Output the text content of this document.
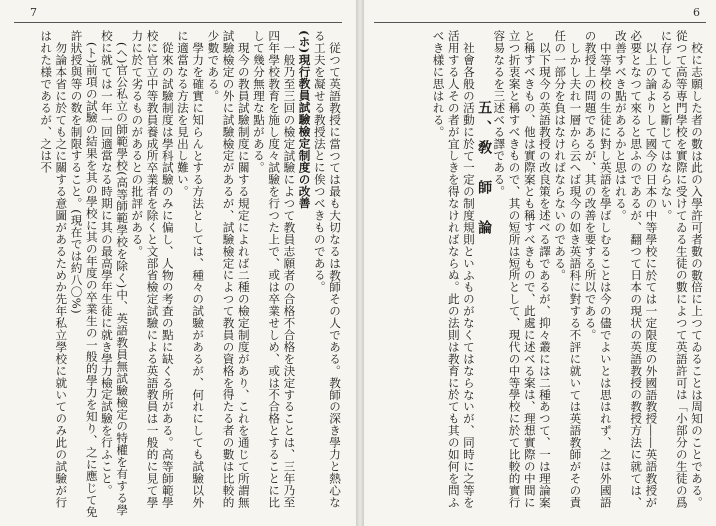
7

従つて英語教授に當つては最も大切なるは教師その人である。教師の深き學力と熱心なる工夫を凝せる教授法とに俟つべきものである。

(ホ)現行教員試驗檢定制度の改善

一般乃至三回の檢定試驗によつて教員志願者の合格不合格を決定することは、三年乃至四年學校教育を施し度々試驗を行つた上で、或は卒業せしめ、或は不合格とすることに比して幾分無理な點がある。

現今の教員試驗制度に關する規定によれば二種の檢定制度があり、これを通じて所謂無試驗檢定の外に試驗檢定があるが、試驗檢定によつて教員の資格を得たる者の數は比較的少數である。

學力を確實に知らんとする方法としては、種々の試驗があるが、何れにしても試驗以外に適當なる方法を見出し難い。

從來の試驗制度は學科試驗のみに偏し、人物の考査の點に缺くる所がある。高等師範學校に官立中等教員養成所卒業者を除くと文部省檢定試驗による英語教員は一般的に見て學力に於て劣るものがあるとの批評がある。

(ヘ)官公私立の師範學校(高等師範學校を除く)中、英語教員無試驗檢定の特權を有する學校に就ては一年一回適當なる時期に其の最高學年生徒に就き學力檢定試驗を行ふこと。

(ト)前項の試驗の結果を其の學校に其の年度の卒業生の一般的學力を知り、之に應じて免許狀授與等の数を制限すること。(現在では約八〇%)

勿論本省に於ても之に關する意圖があるためか先年私立學校に就いてのみ此の試驗が行はれた様であるが、之は不

6

校に志願した者の數は此の入學許可者數の數倍に上つてゐることは周知のことである。從つて高等専門學校を實際に受けてゐる生徒の數によつて英語許可は「小部分の生徒の爲に存してゐると斷じてはならない。

以上の論よりして國今の日本の中等學校に於ては一定限度の外國語教授――英語教授が必要となつて來ると思ふのであるが、翻つて日本の現状の英語教授の教授方法に就ては、改善すべき點があるかと思はれる。

中等學校の生徒に對し英語を學ばしむることは今の儘でよいとは思はれず、之は外國語の教授上の問題であるが、其の改善を要する所以である。

しかし夫れ一層から云へば現今の如き英語科に對する不評に就いては英語教師がその責任の一部分を負はなければならないのである。

以下現今の英語教授の改良策を述べる譯であるが、抑々叢には二種あつて、一は理論案と稱すべきもの、他は實際案とも稱すべきもので、此處に述べる案は、理想實際の中間に立つ折衷案と稱すべきもので、其の短所は短所として、現代の中等學校に於て比較的實行容易なるを三述べる譯である。

五、敎　師　論

社會各般の活動に於て一定の制度規則といふものがなくてはならないが、同時に之等を活用する人その者が宜しきを得なければならぬ。此の法則は教育に於ても其の如何を問ふべき樣に思はれる。
